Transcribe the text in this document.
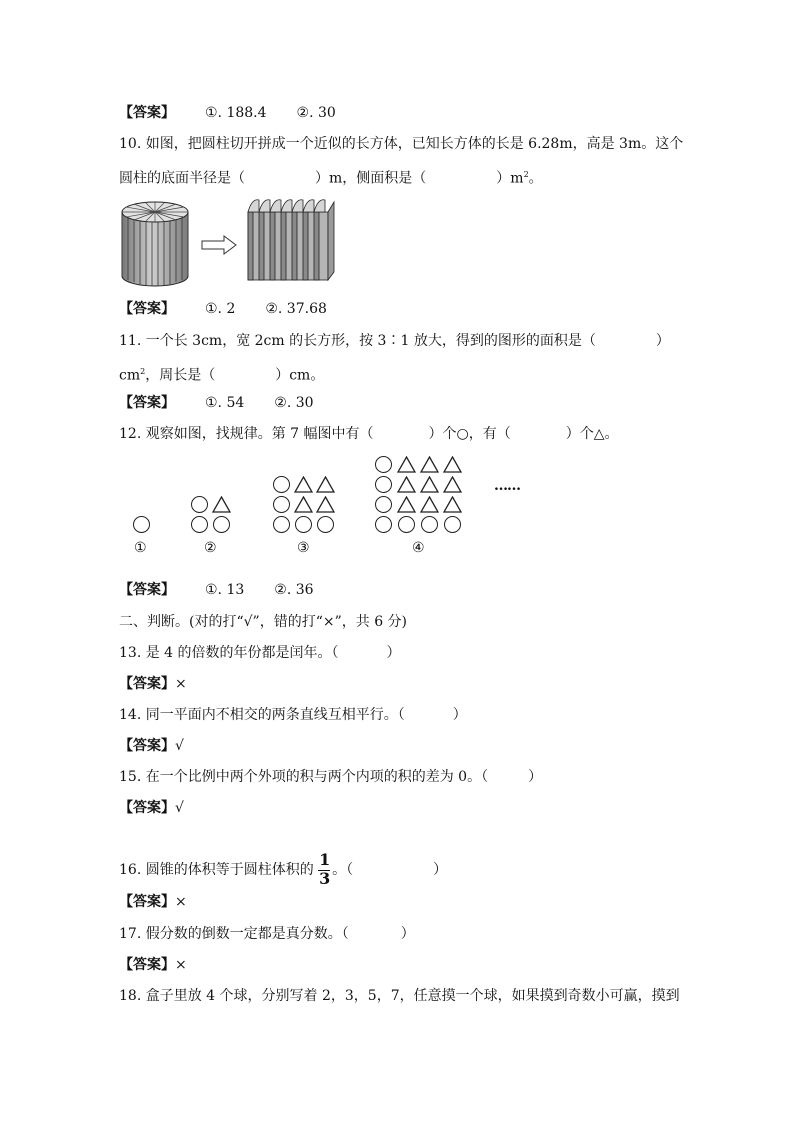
【答案】 ①. 188.4 ②. 30
10. 如图，把圆柱切开拼成一个近似的长方体，已知长方体的长是 6.28m，高是 3m。这个
圆柱的底面半径是（	）m，侧面积是（	）$m^2$。
【答案】 ①. 2 ②. 37.68
11. 一个长 3cm，宽 2cm 的长方形，按 3∶1 放大，得到的图形的面积是（	）
$cm^2$，周长是（	）cm。
【答案】 ①. 54 ②. 30
12. 观察如图，找规律。第 7 幅图中有（	）个○，有（	）个△。
①	②	③	④
……
【答案】 ①. 13 ②. 36
二、判断。(对的打“√”，错的打“×”，共 6 分)
13. 是 4 的倍数的年份都是闰年。（	）
【答案】×
14. 同一平面内不相交的两条直线互相平行。（	）
【答案】√
15. 在一个比例中两个外项的积与两个内项的积的差为 0。（	）
【答案】√
16. 圆锥的体积等于圆柱体积的
$\frac{1}{3}$
。（	）
【答案】×
17. 假分数的倒数一定都是真分数。（	）
【答案】×
18. 盒子里放 4 个球，分别写着 2，3，5，7，任意摸一个球，如果摸到奇数小可赢，摸到
